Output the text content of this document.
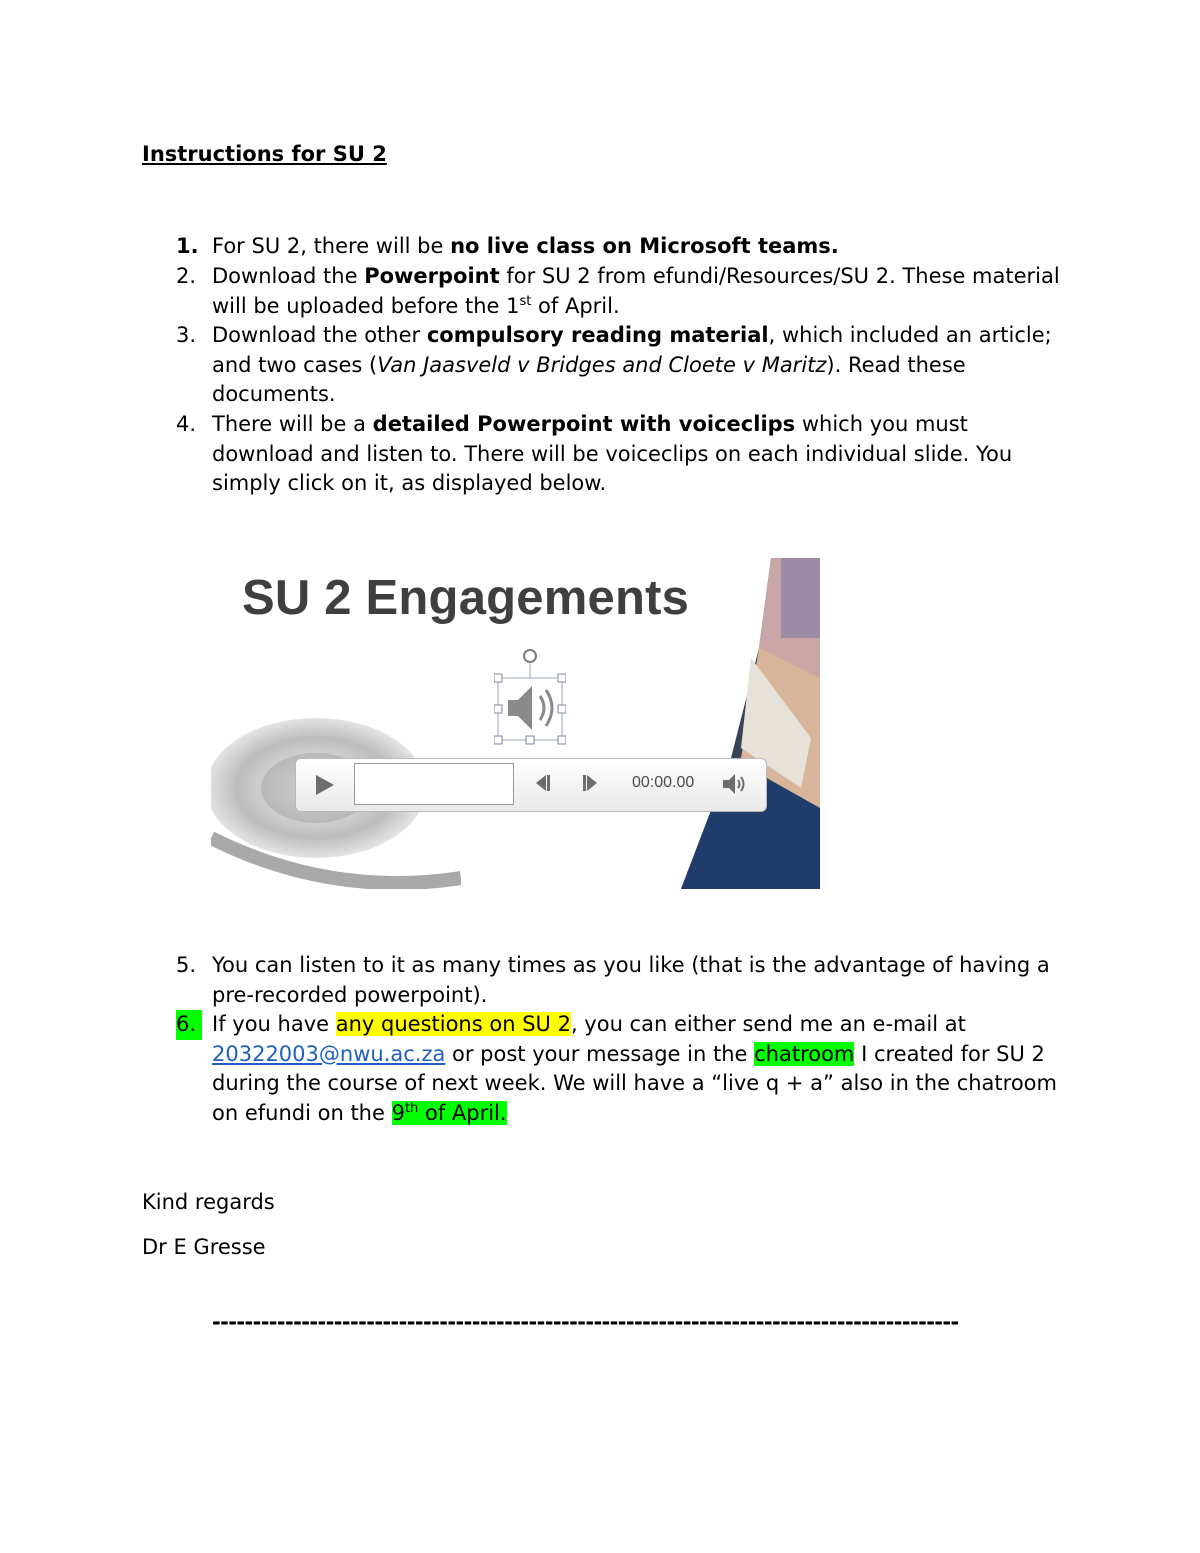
Instructions for SU 2
1. For SU 2, there will be no live class on Microsoft teams.
2. Download the Powerpoint for SU 2 from efundi/Resources/SU 2. These material will be uploaded before the 1st of April.
3. Download the other compulsory reading material, which included an article; and two cases (Van Jaasveld v Bridges and Cloete v Maritz). Read these documents.
4. There will be a detailed Powerpoint with voiceclips which you must download and listen to. There will be voiceclips on each individual slide. You simply click on it, as displayed below.
SU 2 Engagements
00:00.00
5. You can listen to it as many times as you like (that is the advantage of having a pre-recorded powerpoint).
6. If you have any questions on SU 2, you can either send me an e-mail at 20322003@nwu.ac.za or post your message in the chatroom I created for SU 2 during the course of next week. We will have a “live q + a” also in the chatroom on efundi on the 9th of April.
Kind regards
Dr E Gresse
--------------------------------------------------------------------------------------------
